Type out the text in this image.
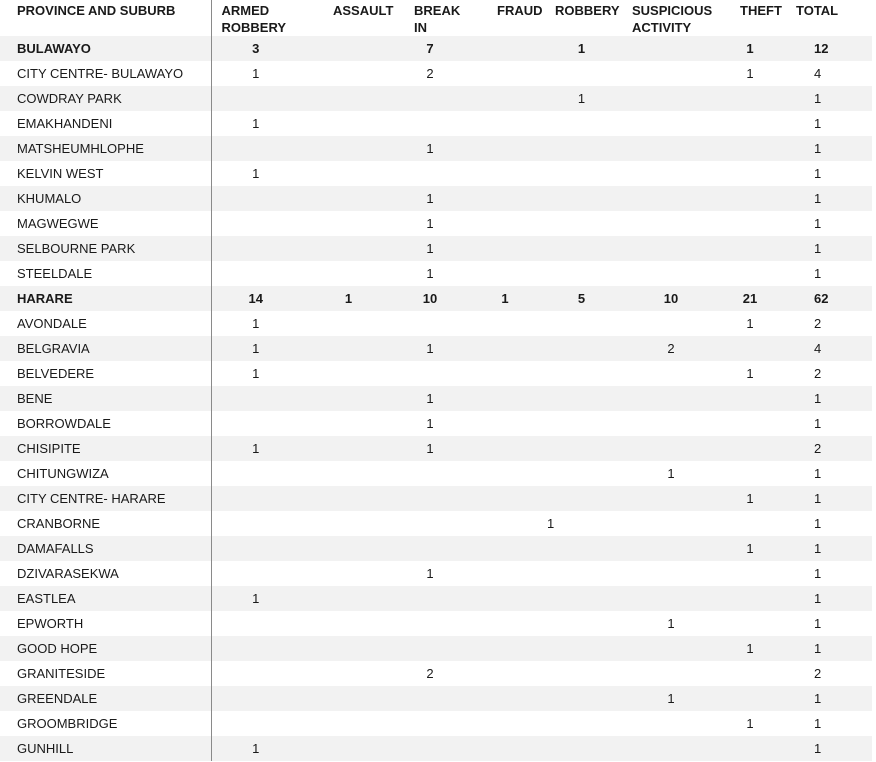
PROVINCE AND SUBURB	ARMED
ROBBERY	ASSAULT	BREAK IN	FRAUD	ROBBERY	SUSPICIOUS
ACTIVITY	THEFT	TOTAL
BULAWAYO	3		7		1		1	12
CITY CENTRE- BULAWAYO	1		2				1	4
COWDRAY PARK					1			1
EMAKHANDENI	1							1
MATSHEUMHLOPHE			1					1
KELVIN WEST	1							1
KHUMALO			1					1
MAGWEGWE			1					1
SELBOURNE PARK			1					1
STEELDALE			1					1
HARARE	14	1	10	1	5	10	21	62
AVONDALE	1						1	2
BELGRAVIA	1		1			2		4
BELVEDERE	1						1	2
BENE			1					1
BORROWDALE			1					1
CHISIPITE	1		1					2
CHITUNGWIZA						1		1
CITY CENTRE- HARARE							1	1
CRANBORNE					1			1
DAMAFALLS							1	1
DZIVARASEKWA			1					1
EASTLEA	1							1
EPWORTH						1		1
GOOD HOPE							1	1
GRANITESIDE			2					2
GREENDALE						1		1
GROOMBRIDGE							1	1
GUNHILL	1							1
